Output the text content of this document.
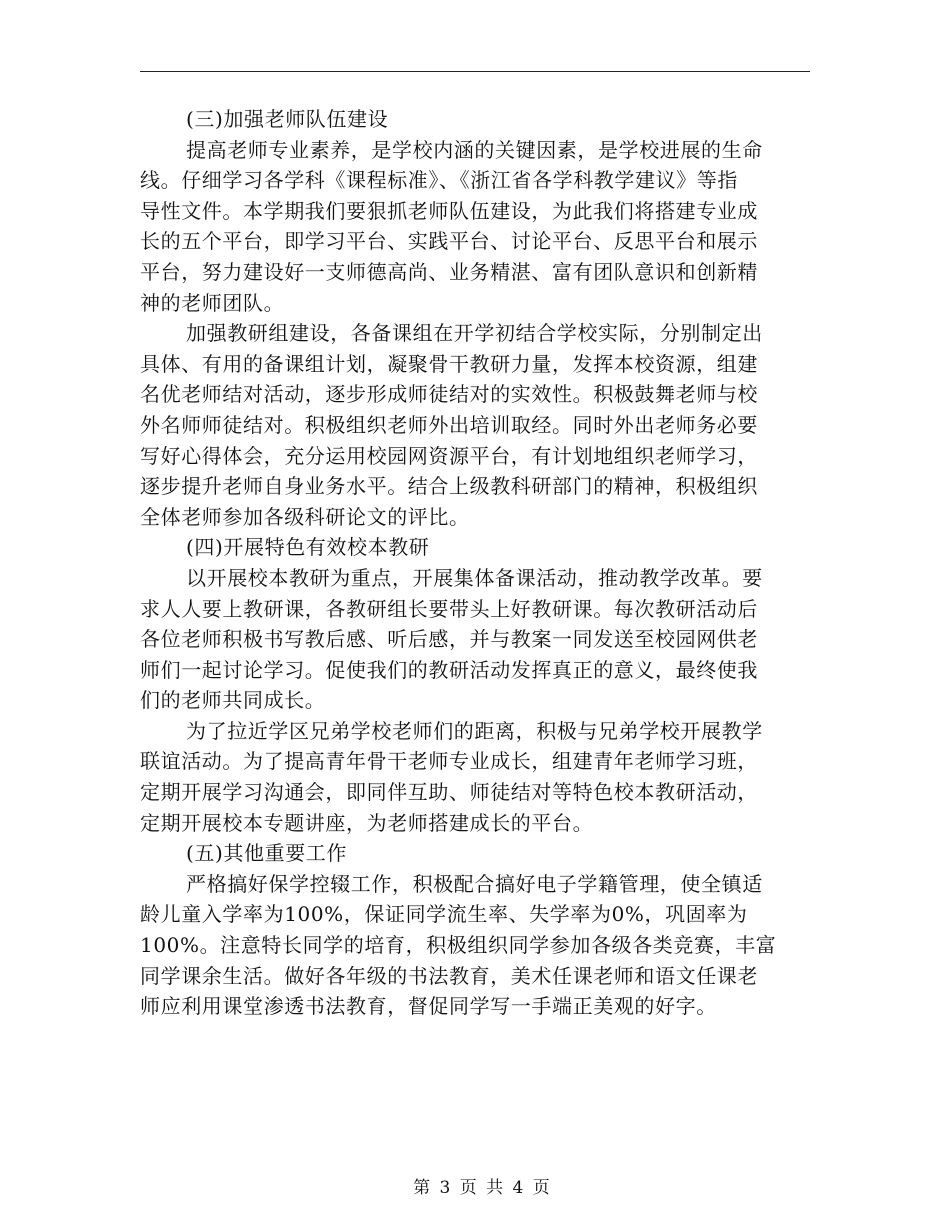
(三)加强老师队伍建设
提高老师专业素养，是学校内涵的关键因素，是学校进展的生命
线。仔细学习各学科《课程标准》、《浙江省各学科教学建议》等指
导性文件。本学期我们要狠抓老师队伍建设，为此我们将搭建专业成
长的五个平台，即学习平台、实践平台、讨论平台、反思平台和展示
平台，努力建设好一支师德高尚、业务精湛、富有团队意识和创新精
神的老师团队。
加强教研组建设，各备课组在开学初结合学校实际，分别制定出
具体、有用的备课组计划，凝聚骨干教研力量，发挥本校资源，组建
名优老师结对活动，逐步形成师徒结对的实效性。积极鼓舞老师与校
外名师师徒结对。积极组织老师外出培训取经。同时外出老师务必要
写好心得体会，充分运用校园网资源平台，有计划地组织老师学习，
逐步提升老师自身业务水平。结合上级教科研部门的精神，积极组织
全体老师参加各级科研论文的评比。
(四)开展特色有效校本教研
以开展校本教研为重点，开展集体备课活动，推动教学改革。要
求人人要上教研课，各教研组长要带头上好教研课。每次教研活动后
各位老师积极书写教后感、听后感，并与教案一同发送至校园网供老
师们一起讨论学习。促使我们的教研活动发挥真正的意义，最终使我
们的老师共同成长。
为了拉近学区兄弟学校老师们的距离，积极与兄弟学校开展教学
联谊活动。为了提高青年骨干老师专业成长，组建青年老师学习班，
定期开展学习沟通会，即同伴互助、师徒结对等特色校本教研活动，
定期开展校本专题讲座，为老师搭建成长的平台。
(五)其他重要工作
严格搞好保学控辍工作，积极配合搞好电子学籍管理，使全镇适
龄儿童入学率为100%，保证同学流生率、失学率为0%，巩固率为
100%。注意特长同学的培育，积极组织同学参加各级各类竞赛，丰富
同学课余生活。做好各年级的书法教育，美术任课老师和语文任课老
师应利用课堂渗透书法教育，督促同学写一手端正美观的好字。

第 3 页 共 4 页
